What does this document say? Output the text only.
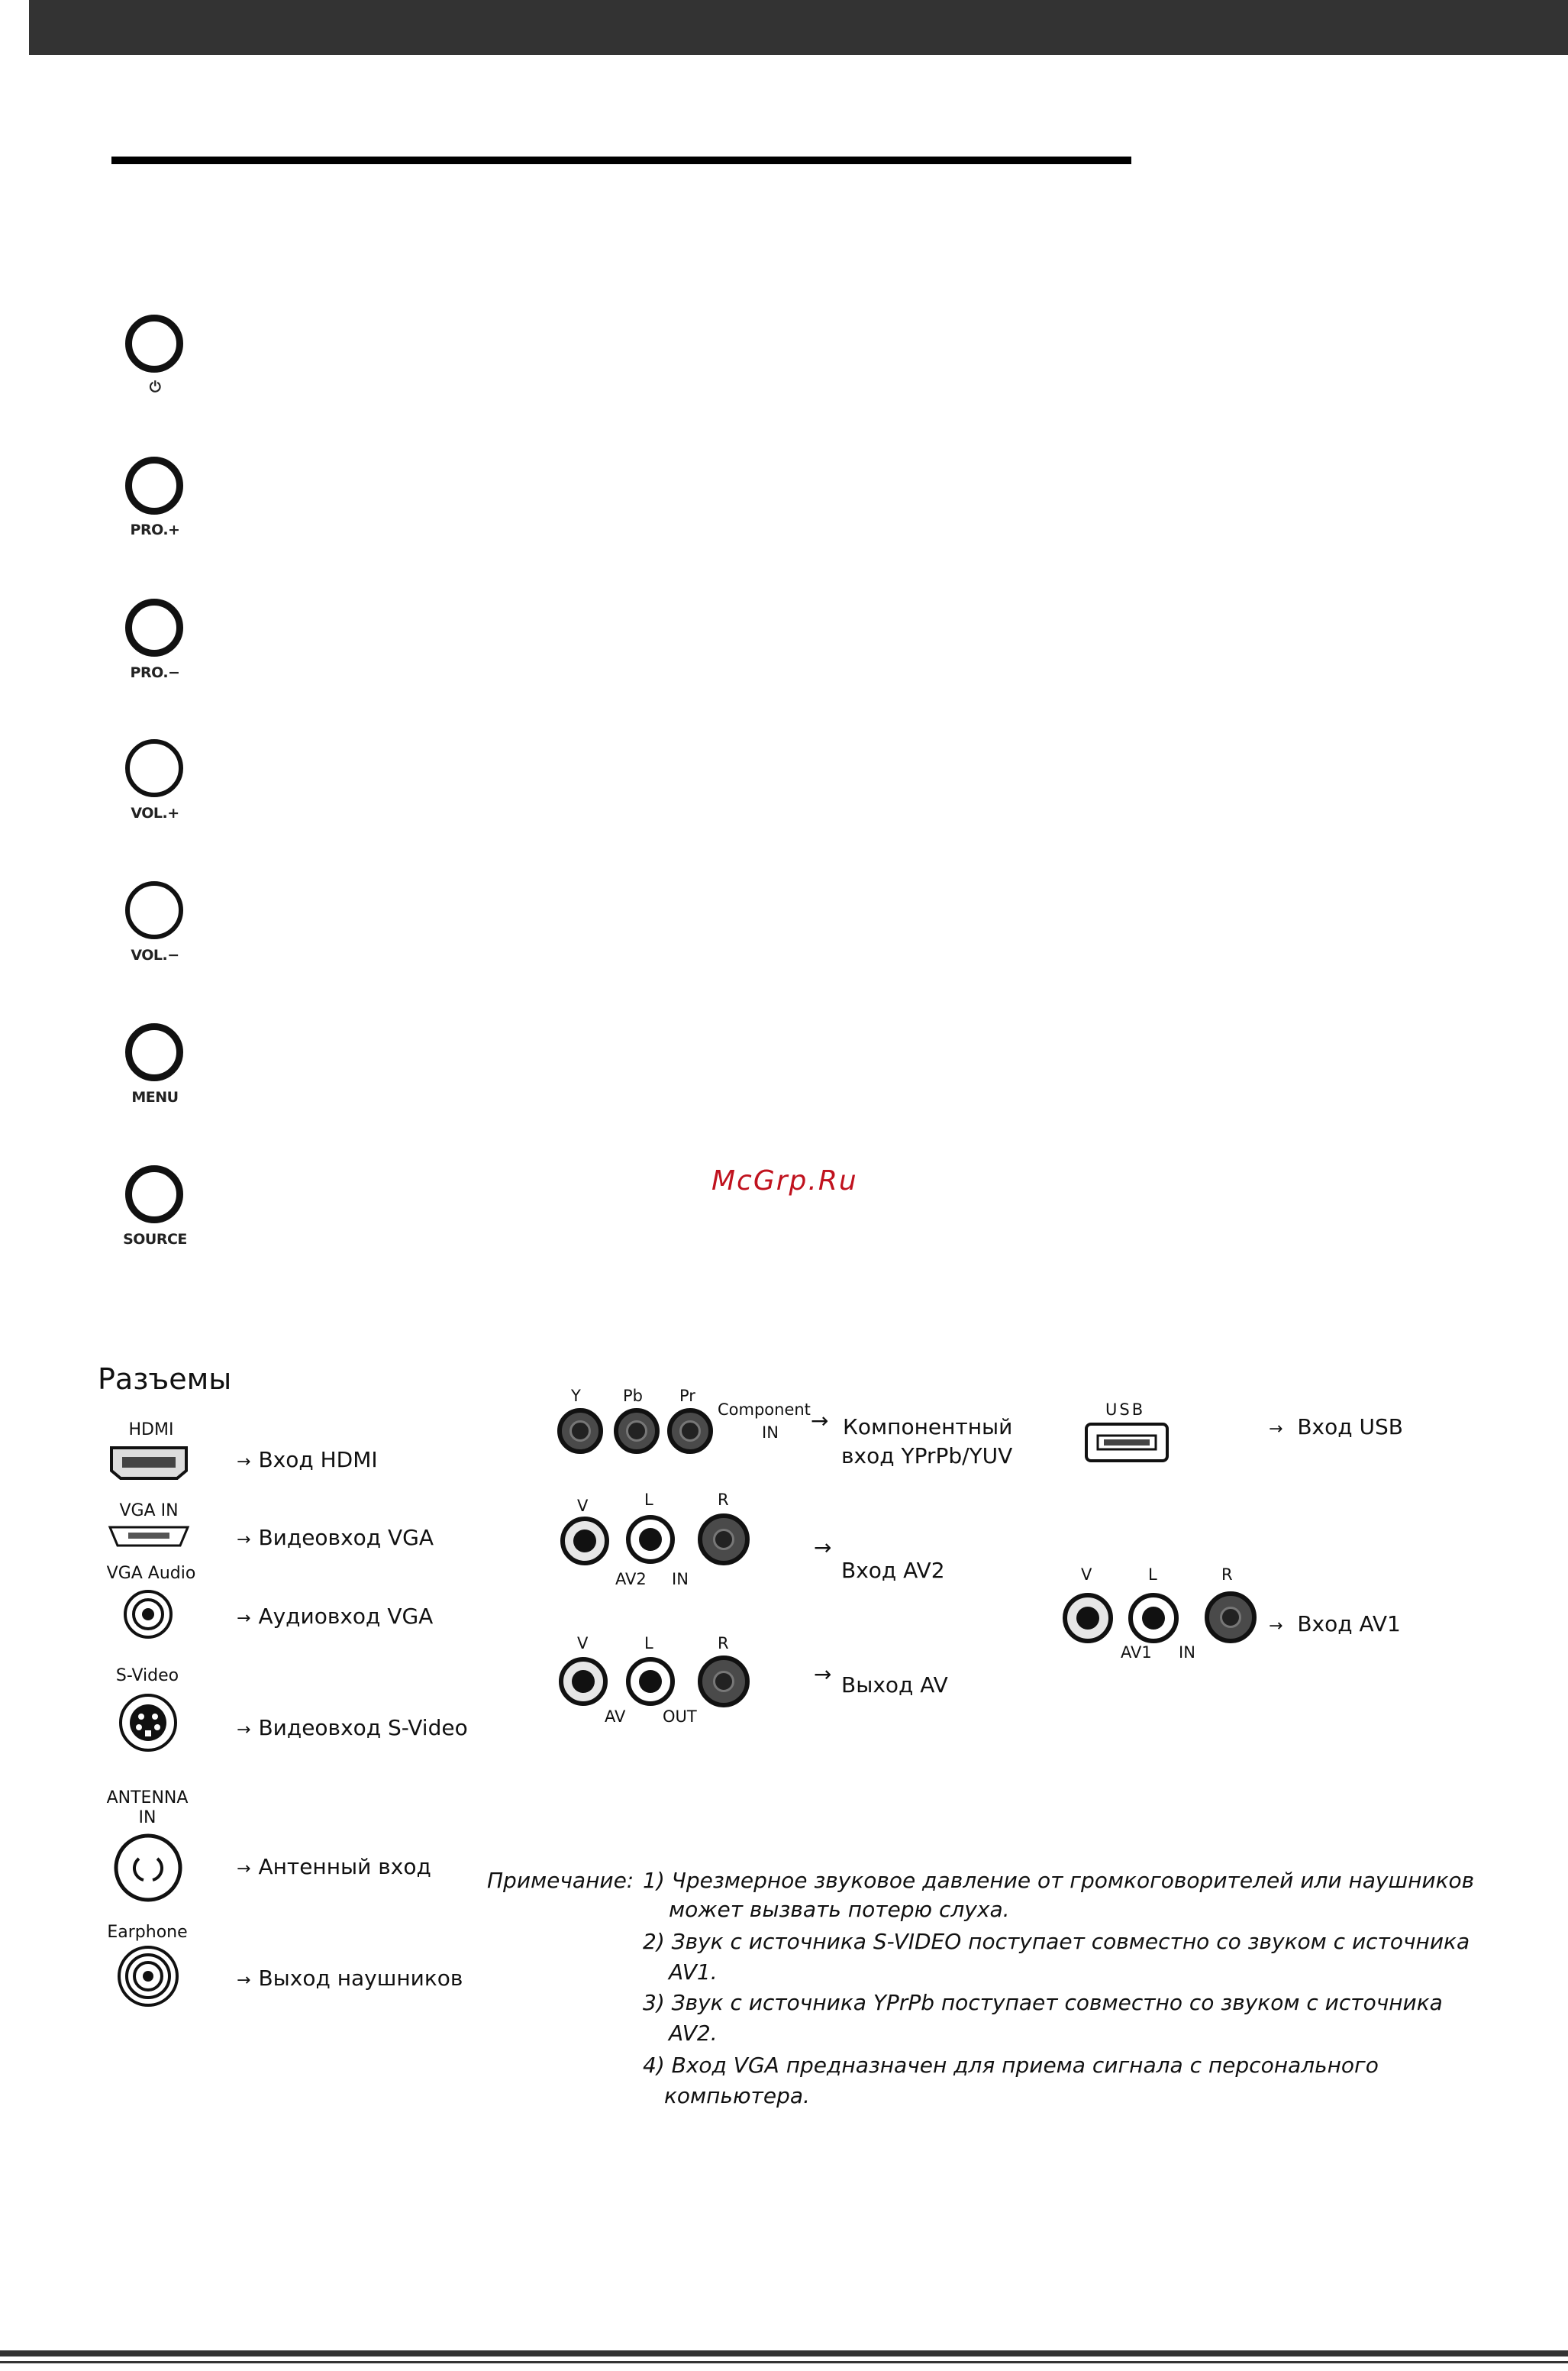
⏻
PRO.+
PRO.−
VOL.+
VOL.−
MENU
SOURCE
McGrp.Ru
Разъемы
HDMI
→ Вход HDMI
VGA IN
→ Видеовход VGA
VGA Audio
→ Аудиовход VGA
S-Video
→ Видеовход S-Video
ANTENNA
IN
→ Антенный вход
Earphone
→ Выход наушников
Y	Pb Pr
Component
IN → Компонентный
вход YPrPb/YUV
V	L	R
AV2 IN
→
Вход AV2
V	L	R
AV OUT
→ Выход AV
USB
→ Вход USB
V	L	R
AV1 IN
→ Вход AV1
Примечание: 1) Чрезмерное звуковое давление от громкоговорителей или наушников
может вызвать потерю слуха.
2) Звук с источника S-VIDEO поступает совместно со звуком с источника
AV1.
3) Звук с источника YPrPb поступает совместно со звуком с источника
AV2.
4) Вход VGA предназначен для приема сигнала с персонального
компьютера.
